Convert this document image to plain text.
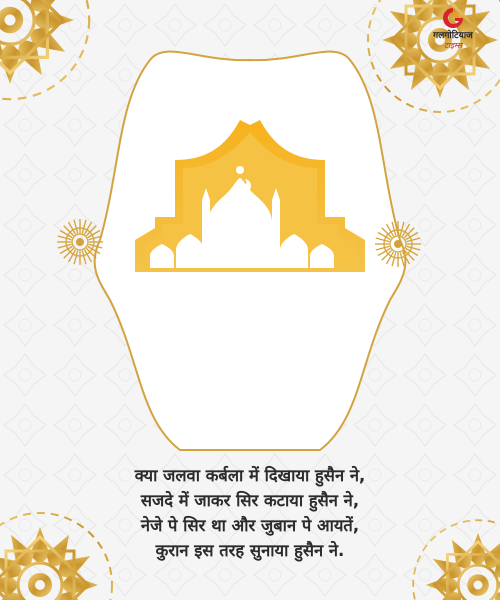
गलगोटियाज
टाइम्स
क्या जलवा कर्बला में दिखाया हुसैन ने,
सजदे में जाकर सिर कटाया हुसैन ने,
नेजे पे सिर था और जुबान पे आयतें,
कुरान इस तरह सुनाया हुसैन ने.
